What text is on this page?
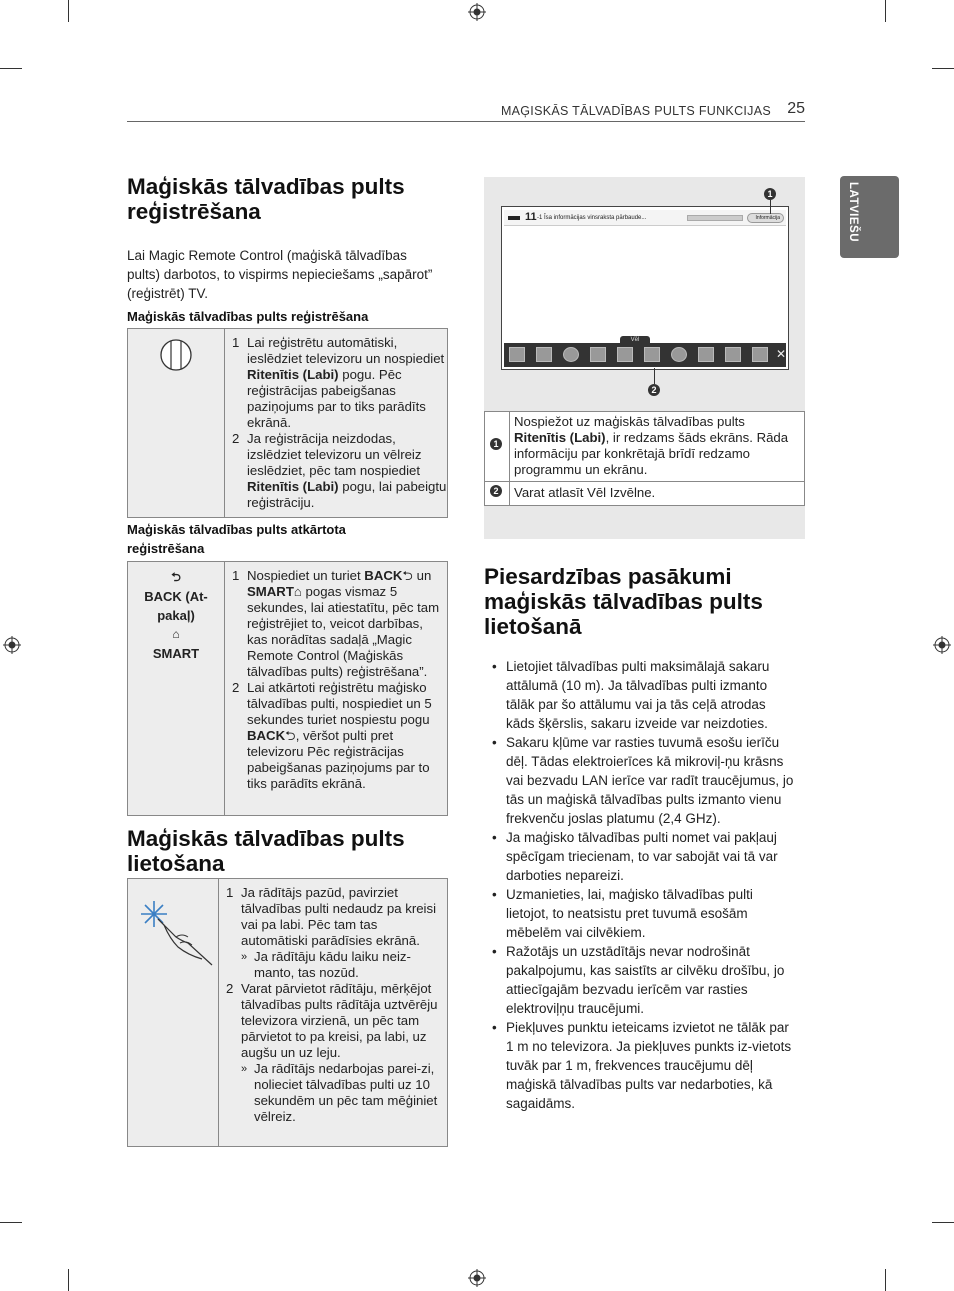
MAĢISKĀS TĀLVADĪBAS PULTS FUNKCIJAS 25
LATVIEŠU
Maģiskās tālvadības pults reģistrēšana

Lai Magic Remote Control (maģiskā tālvadības pults) darbotos, to vispirms nepieciešams „sapārot” (reģistrēt) TV.

Maģiskās tālvadības pults reģistrēšana
1 Lai reģistrētu automātiski, ieslēdziet televizoru un nospiediet Ritenītis (Labi) pogu. Pēc reģistrācijas pabeigšanas paziņojums par to tiks parādīts ekrānā.
2 Ja reģistrācija neizdodas, izslēdziet televizoru un vēlreiz ieslēdziet, pēc tam nospiediet Ritenītis (Labi) pogu, lai pabeigtu reģistrāciju.
Maģiskās tālvadības pults atkārtota reģistrēšana
⮌
BACK (At-pakaļ)
⌂
SMART
1 Nospiediet un turiet BACK⮌ un SMART⌂ pogas vismaz 5 sekundes, lai atiestatītu, pēc tam reģistrējiet to, veicot darbības, kas norādītas sadaļā „Magic Remote Control (Maģiskās tālvadības pults) reģistrēšana”.
2 Lai atkārtoti reģistrētu maģisko tālvadības pulti, nospiediet un 5 sekundes turiet nospiestu pogu BACK⮌, vēršot pulti pret televizoru Pēc reģistrācijas pabeigšanas paziņojums par to tiks parādīts ekrānā.
Maģiskās tālvadības pults lietošana
1 Ja rādītājs pazūd, pavirziet tālvadības pulti nedaudz pa kreisi vai pa labi. Pēc tam tas automātiski parādīsies ekrānā.
» Ja rādītāju kādu laiku neiz-manto, tas nozūd.
2 Varat pārvietot rādītāju, mērķējot tālvadības pults rādītāja uztvērēju televizora virzienā, un pēc tam pārvietot to pa kreisi, pa labi, uz augšu un uz leju.
» Ja rādītājs nedarbojas parei-zi, nolieciet tālvadības pulti uz 10 sekundēm un pēc tam mēģiniet vēlreiz.
11 -1 Īsa informācijas vinsraksta pārbaude...	Informācija
Vēl
✕
1
2
1
Nospiežot uz maģiskās tālvadības pults Ritenītis (Labi), ir redzams šāds ekrāns. Rāda informāciju par konkrētajā brīdī redzamo programmu un ekrānu.
2	Varat atlasīt Vēl Izvēlne.
Piesardzības pasākumi maģiskās tālvadības pults lietošanā
• Lietojiet tālvadības pulti maksimālajā sakaru attālumā (10 m). Ja tālvadības pulti izmanto tālāk par šo attālumu vai ja tās ceļā atrodas kāds šķērslis, sakaru izveide var neizdoties.
• Sakaru kļūme var rasties tuvumā esošu ierīču dēļ. Tādas elektroierīces kā mikroviļ-ņu krāsns vai bezvadu LAN ierīce var radīt traucējumus, jo tās un maģiskā tālvadības pults izmanto vienu frekvenču joslas platumu (2,4 GHz).
• Ja maģisko tālvadības pulti nomet vai pakļauj spēcīgam triecienam, to var sabojāt vai tā var darboties nepareizi.
• Uzmanieties, lai, maģisko tālvadības pulti lietojot, to neatsistu pret tuvumā esošām mēbelēm vai cilvēkiem.
• Ražotājs un uzstādītājs nevar nodrošināt pakalpojumu, kas saistīts ar cilvēku drošību, jo attiecīgajām bezvadu ierīcēm var rasties elektroviļņu traucējumi.
• Piekļuves punktu ieteicams izvietot ne tālāk par 1 m no televizora. Ja piekļuves punkts iz-vietots tuvāk par 1 m, frekvences traucējumu dēļ maģiskā tālvadības pults var nedarboties, kā sagaidāms.
